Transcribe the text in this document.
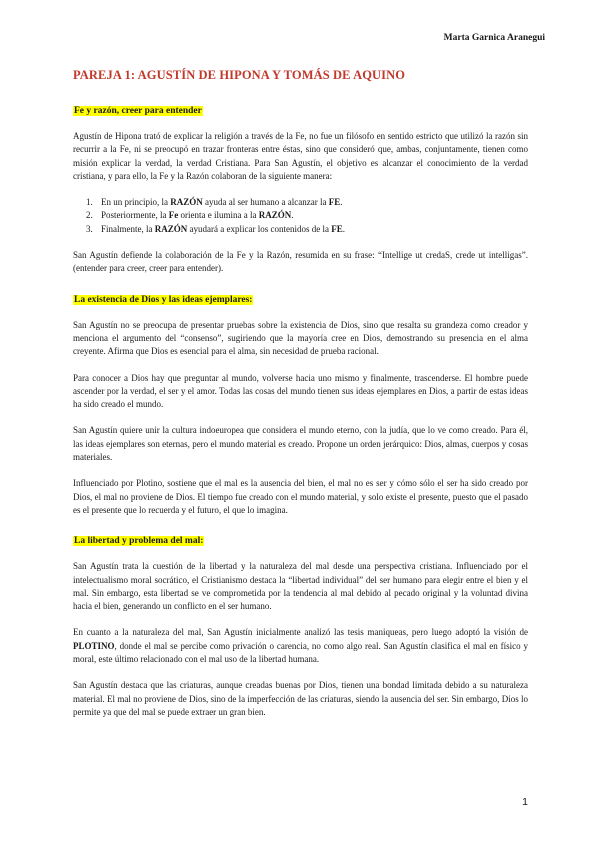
Marta Garnica Aranegui
PAREJA 1: AGUSTÍN DE HIPONA Y TOMÁS DE AQUINO
Fe y razón, creer para entender

Agustín de Hipona trató de explicar la religión a través de la Fe, no fue un filósofo en sentido estricto que utilizó la razón sin recurrir a la Fe, ni se preocupó en trazar fronteras entre éstas, sino que consideró que, ambas, conjuntamente, tienen como misión explicar la verdad, la verdad Cristiana. Para San Agustín, el objetivo es alcanzar el conocimiento de la verdad cristiana, y para ello, la Fe y la Razón colaboran de la siguiente manera:

1. En un principio, la RAZÓN ayuda al ser humano a alcanzar la FE.
2. Posteriormente, la Fe orienta e ilumina a la RAZÓN.
3. Finalmente, la RAZÓN ayudará a explicar los contenidos de la FE.

San Agustín defiende la colaboración de la Fe y la Razón, resumida en su frase: “Intellige ut credaS, crede ut intelligas”. (entender para creer, creer para entender).

La existencia de Dios y las ideas ejemplares:

San Agustín no se preocupa de presentar pruebas sobre la existencia de Dios, sino que resalta su grandeza como creador y menciona el argumento del “consenso”, sugiriendo que la mayoría cree en Dios, demostrando su presencia en el alma creyente. Afirma que Dios es esencial para el alma, sin necesidad de prueba racional.

Para conocer a Dios hay que preguntar al mundo, volverse hacia uno mismo y finalmente, trascenderse. El hombre puede ascender por la verdad, el ser y el amor. Todas las cosas del mundo tienen sus ideas ejemplares en Dios, a partir de estas ideas ha sido creado el mundo.

San Agustín quiere unir la cultura indoeuropea que considera el mundo eterno, con la judía, que lo ve como creado. Para él, las ideas ejemplares son eternas, pero el mundo material es creado. Propone un orden jerárquico: Dios, almas, cuerpos y cosas materiales.

Influenciado por Plotino, sostiene que el mal es la ausencia del bien, el mal no es ser y cómo sólo el ser ha sido creado por Dios, el mal no proviene de Dios. El tiempo fue creado con el mundo material, y solo existe el presente, puesto que el pasado es el presente que lo recuerda y el futuro, el que lo imagina.

La libertad y problema del mal:

San Agustín trata la cuestión de la libertad y la naturaleza del mal desde una perspectiva cristiana. Influenciado por el intelectualismo moral socrático, el Cristianismo destaca la “libertad individual” del ser humano para elegir entre el bien y el mal. Sin embargo, esta libertad se ve comprometida por la tendencia al mal debido al pecado original y la voluntad divina hacia el bien, generando un conflicto en el ser humano.

En cuanto a la naturaleza del mal, San Agustín inicialmente analizó las tesis maniqueas, pero luego adoptó la visión de PLOTINO, donde el mal se percibe como privación o carencia, no como algo real. San Agustín clasifica el mal en físico y moral, este último relacionado con el mal uso de la libertad humana.

San Agustín destaca que las criaturas, aunque creadas buenas por Dios, tienen una bondad limitada debido a su naturaleza material. El mal no proviene de Dios, sino de la imperfección de las criaturas, siendo la ausencia del ser. Sin embargo, Dios lo permite ya que del mal se puede extraer un gran bien.

1
